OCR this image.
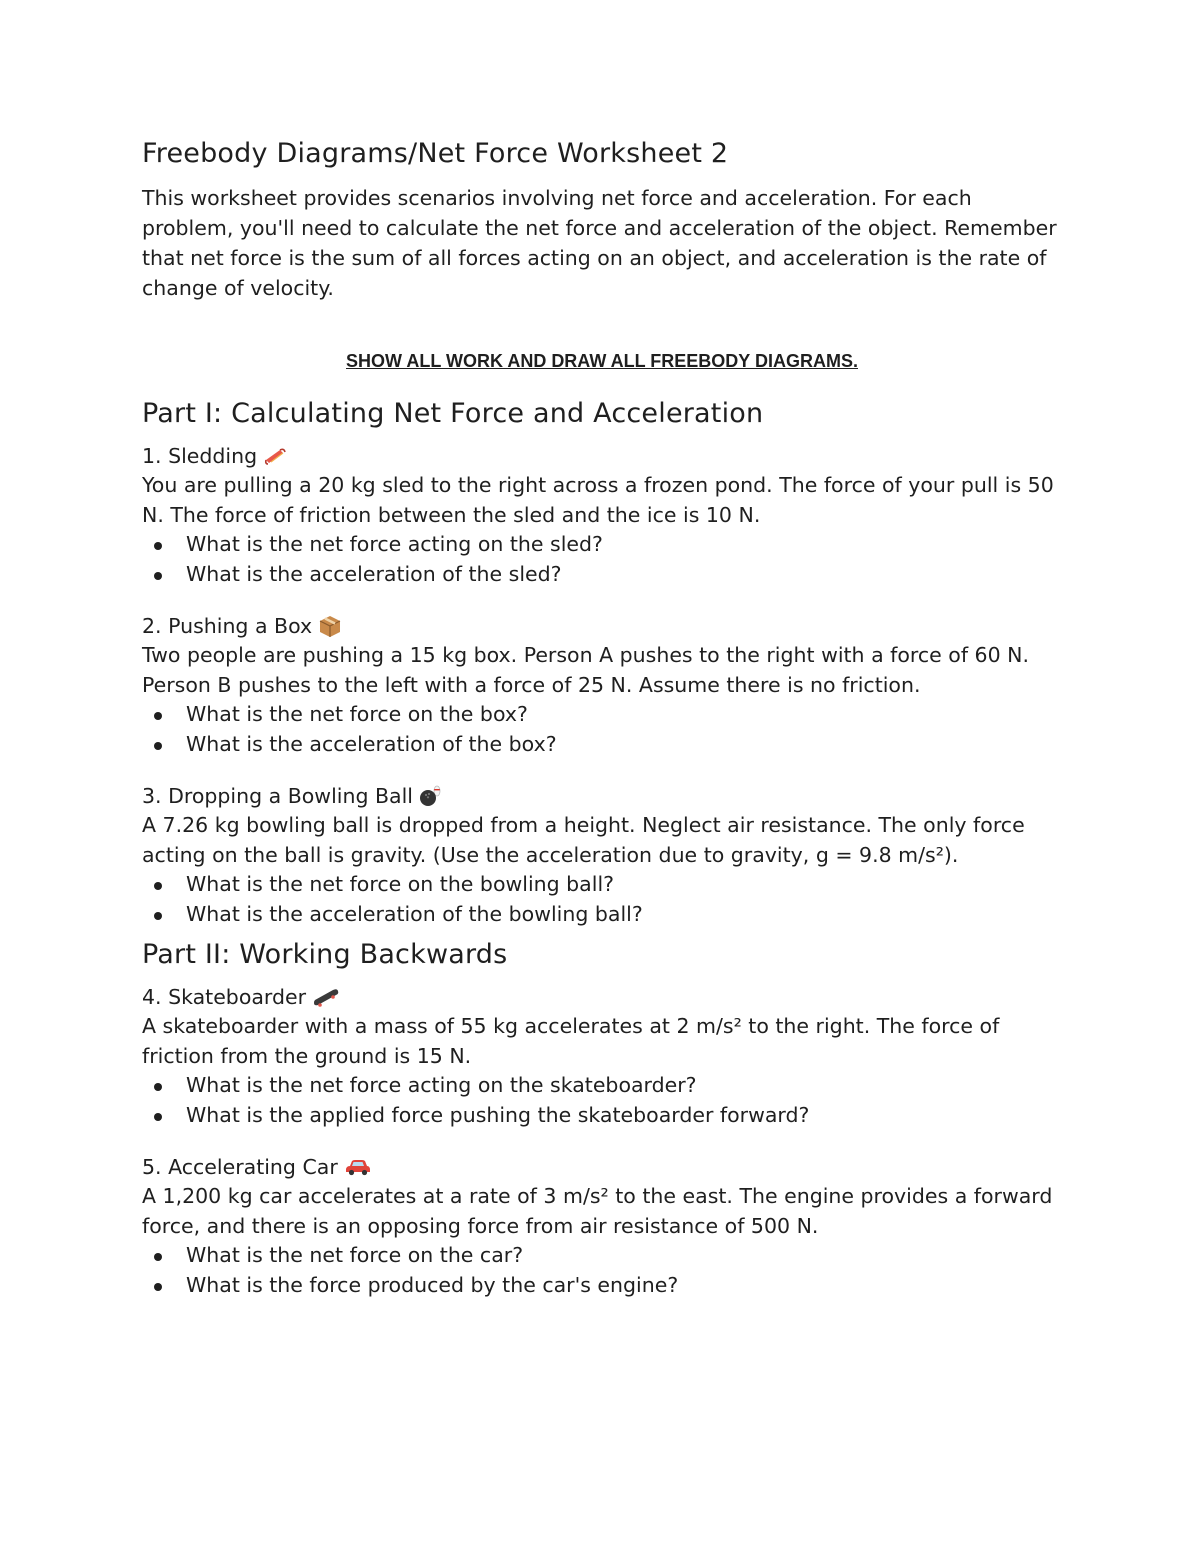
Freebody Diagrams/Net Force Worksheet 2

This worksheet provides scenarios involving net force and acceleration. For each problem, you'll need to calculate the net force and acceleration of the object. Remember that net force is the sum of all forces acting on an object, and acceleration is the rate of change of velocity.

SHOW ALL WORK AND DRAW ALL FREEBODY DIAGRAMS.
Part I: Calculating Net Force and Acceleration
1. Sledding

You are pulling a 20 kg sled to the right across a frozen pond. The force of your pull is 50 N. The force of friction between the sled and the ice is 10 N.

What is the net force acting on the sled?
What is the acceleration of the sled?
2. Pushing a Box

Two people are pushing a 15 kg box. Person A pushes to the right with a force of 60 N. Person B pushes to the left with a force of 25 N. Assume there is no friction.

What is the net force on the box?
What is the acceleration of the box?
3. Dropping a Bowling Ball

A 7.26 kg bowling ball is dropped from a height. Neglect air resistance. The only force acting on the ball is gravity. (Use the acceleration due to gravity, g = 9.8 m/s²).

What is the net force on the bowling ball?
What is the acceleration of the bowling ball?
Part II: Working Backwards
4. Skateboarder

A skateboarder with a mass of 55 kg accelerates at 2 m/s² to the right. The force of friction from the ground is 15 N.

What is the net force acting on the skateboarder?
What is the applied force pushing the skateboarder forward?
5. Accelerating Car

A 1,200 kg car accelerates at a rate of 3 m/s² to the east. The engine provides a forward force, and there is an opposing force from air resistance of 500 N.

What is the net force on the car?
What is the force produced by the car's engine?
